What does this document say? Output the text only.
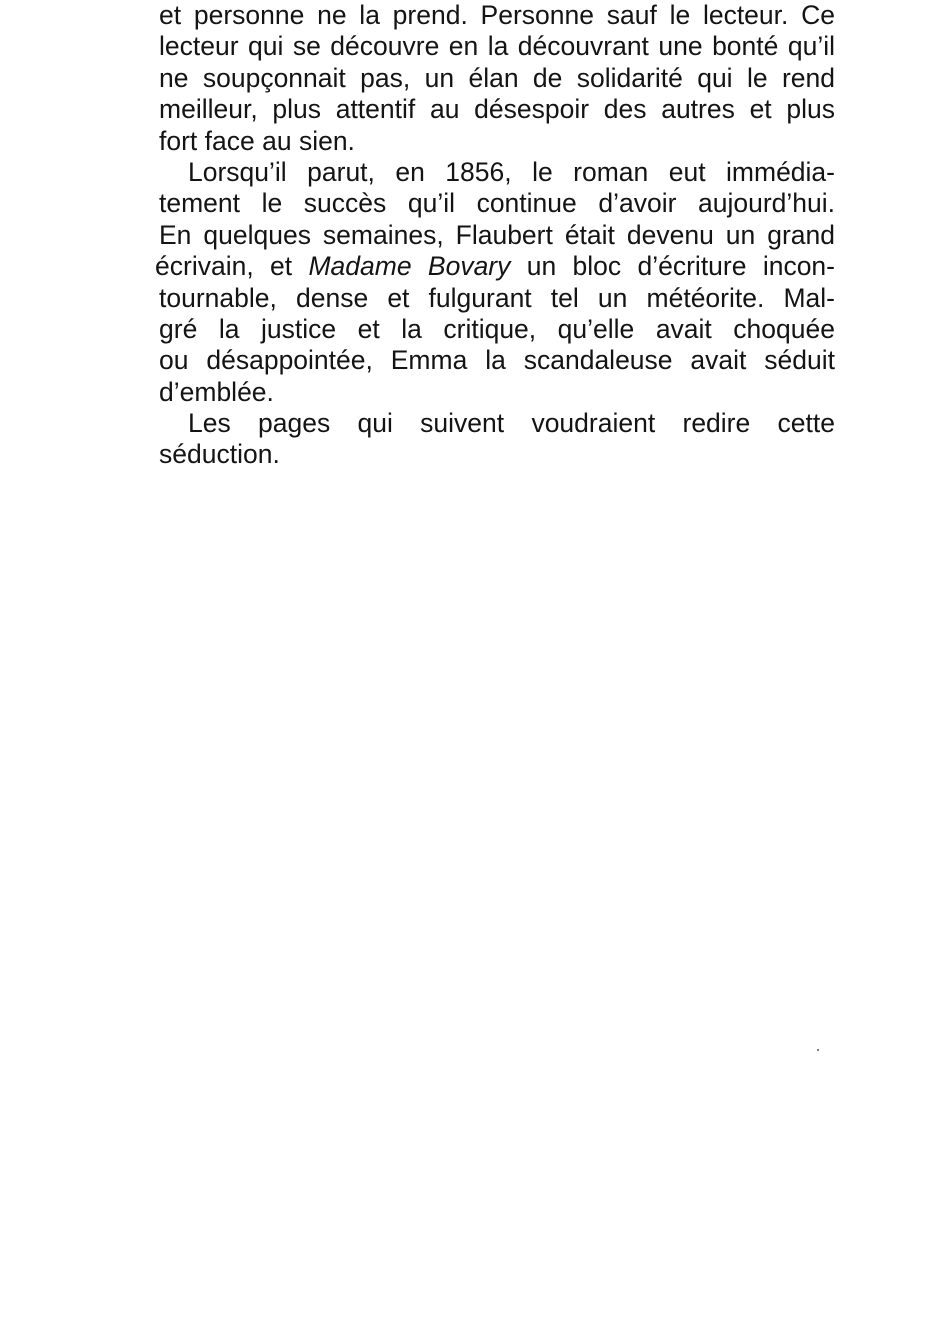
et personne ne la prend. Personne sauf le lecteur. Ce
lecteur qui se découvre en la découvrant une bonté qu’il
ne soupçonnait pas, un élan de solidarité qui le rend
meilleur, plus attentif au désespoir des autres et plus
fort face au sien.
Lorsqu’il parut, en 1856, le roman eut immédia-
tement le succès qu’il continue d’avoir aujourd’hui.
En quelques semaines, Flaubert était devenu un grand
écrivain, et Madame Bovary un bloc d’écriture incon-
tournable, dense et fulgurant tel un météorite. Mal-
gré la justice et la critique, qu’elle avait choquée
ou désappointée, Emma la scandaleuse avait séduit
d’emblée.
Les pages qui suivent voudraient redire cette
séduction.
